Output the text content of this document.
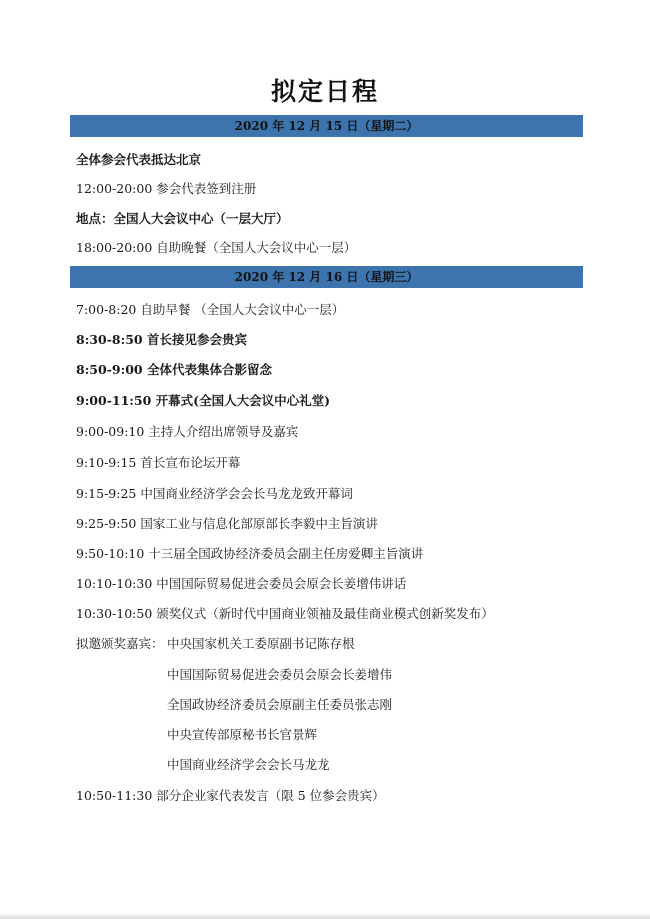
拟定日程
2020 年 12 月 15 日（星期二）
全体参会代表抵达北京
12:00-20:00 参会代表签到注册
地点：全国人大会议中心（一层大厅）
18:00-20:00 自助晚餐（全国人大会议中心一层）
2020 年 12 月 16 日（星期三）
7:00-8:20 自助早餐 （全国人大会议中心一层）
8:30-8:50 首长接见参会贵宾
8:50-9:00 全体代表集体合影留念
9:00-11:50 开幕式(全国人大会议中心礼堂)
9:00-09:10 主持人介绍出席领导及嘉宾
9:10-9:15 首长宣布论坛开幕
9:15-9:25 中国商业经济学会会长马龙龙致开幕词
9:25-9:50 国家工业与信息化部原部长李毅中主旨演讲
9:50-10:10 十三届全国政协经济委员会副主任房爱卿主旨演讲
10:10-10:30 中国国际贸易促进会委员会原会长姜增伟讲话
10:30-10:50 颁奖仪式（新时代中国商业领袖及最佳商业模式创新奖发布）
拟邀颁奖嘉宾： 中央国家机关工委原副书记陈存根
中国国际贸易促进会委员会原会长姜增伟
全国政协经济委员会原副主任委员张志刚
中央宣传部原秘书长官景辉
中国商业经济学会会长马龙龙
10:50-11:30 部分企业家代表发言（限 5 位参会贵宾）
